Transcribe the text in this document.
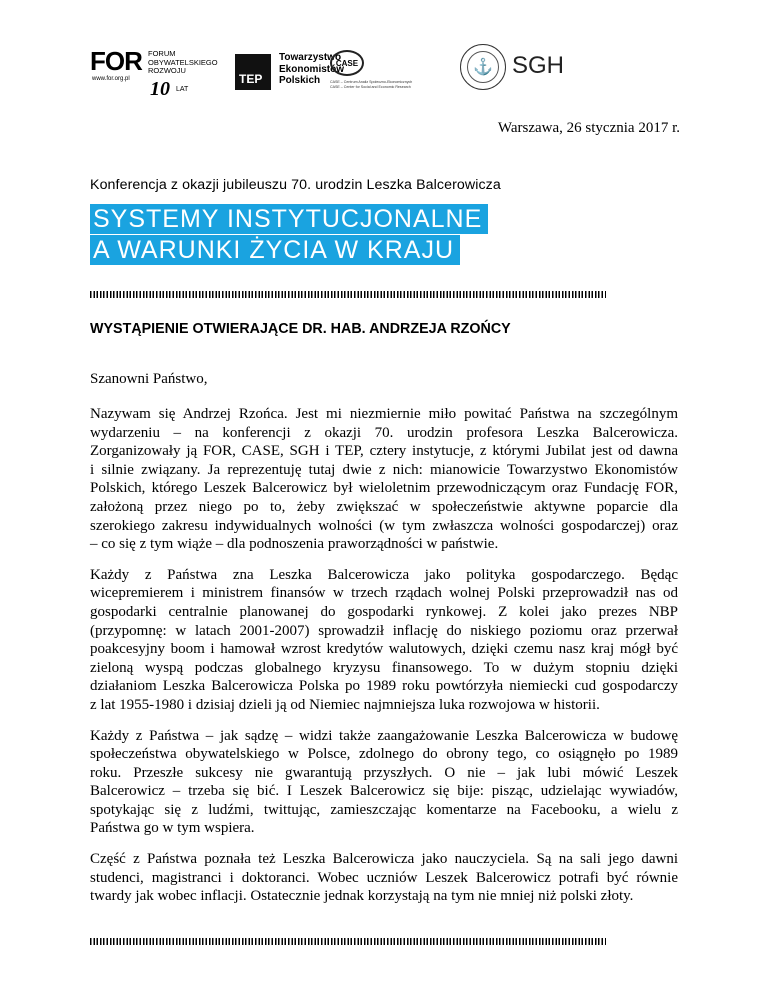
FOR
www.for.org.pl
FORUM
OBYWATELSKIEGO
ROZWOJU
10 LAT
TEP
Towarzystwo
Ekonomistów
Polskich
CASE
CASE – Centrum Analiz Społeczno-Ekonomicznych
CASE – Center for Social and Economic Research
⚓ SGH
Warszawa, 26 stycznia 2017 r.
Konferencja z okazji jubileuszu 70. urodzin Leszka Balcerowicza
SYSTEMY INSTYTUCJONALNE
A WARUNKI ŻYCIA W KRAJU
WYSTĄPIENIE OTWIERAJĄCE DR. HAB. ANDRZEJA RZOŃCY
Szanowni Państwo,

Nazywam się Andrzej Rzońca. Jest mi niezmiernie miło powitać Państwa na szczególnym
wydarzeniu – na konferencji z okazji 70. urodzin profesora Leszka Balcerowicza.
Zorganizowały ją FOR, CASE, SGH i TEP, cztery instytucje, z którymi Jubilat jest od dawna
i silnie związany. Ja reprezentuję tutaj dwie z nich: mianowicie Towarzystwo Ekonomistów
Polskich, którego Leszek Balcerowicz był wieloletnim przewodniczącym oraz Fundację FOR,
założoną przez niego po to, żeby zwiększać w społeczeństwie aktywne poparcie dla
szerokiego zakresu indywidualnych wolności (w tym zwłaszcza wolności gospodarczej) oraz
– co się z tym wiąże – dla podnoszenia praworządności w państwie.

Każdy z Państwa zna Leszka Balcerowicza jako polityka gospodarczego. Będąc
wicepremierem i ministrem finansów w trzech rządach wolnej Polski przeprowadził nas od
gospodarki centralnie planowanej do gospodarki rynkowej. Z kolei jako prezes NBP
(przypomnę: w latach 2001-2007) sprowadził inflację do niskiego poziomu oraz przerwał
poakcesyjny boom i hamował wzrost kredytów walutowych, dzięki czemu nasz kraj mógł być
zieloną wyspą podczas globalnego kryzysu finansowego. To w dużym stopniu dzięki
działaniom Leszka Balcerowicza Polska po 1989 roku powtórzyła niemiecki cud gospodarczy
z lat 1955-1980 i dzisiaj dzieli ją od Niemiec najmniejsza luka rozwojowa w historii.

Każdy z Państwa – jak sądzę – widzi także zaangażowanie Leszka Balcerowicza w budowę
społeczeństwa obywatelskiego w Polsce, zdolnego do obrony tego, co osiągnęło po 1989
roku. Przeszłe sukcesy nie gwarantują przyszłych. O nie – jak lubi mówić Leszek
Balcerowicz – trzeba się bić. I Leszek Balcerowicz się bije: pisząc, udzielając wywiadów,
spotykając się z ludźmi, twittując, zamieszczając komentarze na Facebooku, a wielu z
Państwa go w tym wspiera.

Część z Państwa poznała też Leszka Balcerowicza jako nauczyciela. Są na sali jego dawni
studenci, magistranci i doktoranci. Wobec uczniów Leszek Balcerowicz potrafi być równie
twardy jak wobec inflacji. Ostatecznie jednak korzystają na tym nie mniej niż polski złoty.
